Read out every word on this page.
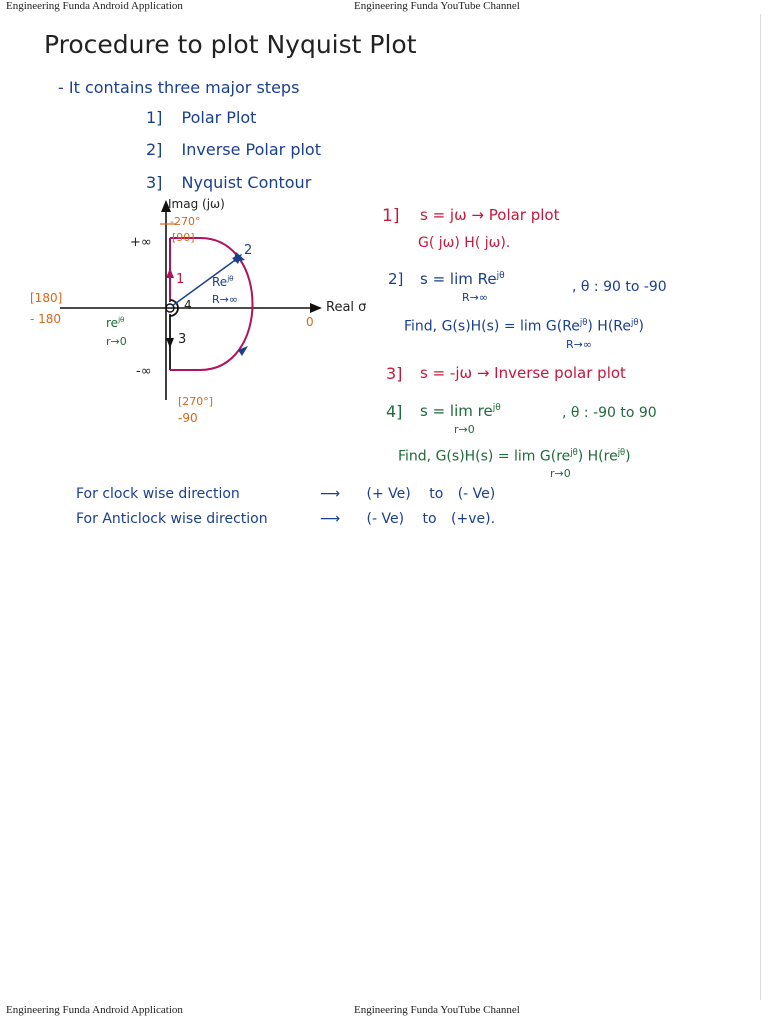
Engineering Funda Android Application	Engineering Funda YouTube Channel
Procedure to plot Nyquist Plot
- It contains three major steps
1] Polar Plot
2] Inverse Polar plot
3] Nyquist Contour
Imag (jω)
-270°
[90]
+∞
-∞
[180]
- 180
[270°]
-90
Real σ
0
1
2
3
4
$Re^{j\theta}$
R→∞
$re^{j\theta}$
r→0
1] s = jω → Polar plot
G( jω) H( jω).
2] $s = \lim Re^{j\theta}$
R→∞
, θ : 90 to -90
Find, $G(s)H(s) = \lim G(Re^{j\theta})$ $H(Re^{j\theta})$
R→∞
3] s = -jω → Inverse polar plot
4] $s = \lim re^{j\theta}$
r→0
, θ : -90 to 90
Find, $G(s)H(s) = \lim G(re^{j\theta})$ $H(re^{j\theta})$
r→0
For clock wise direction	⟶ (+ Ve) to (- Ve)
For Anticlock wise direction	⟶ (- Ve) to (+ve).
Engineering Funda Android Application	Engineering Funda YouTube Channel
